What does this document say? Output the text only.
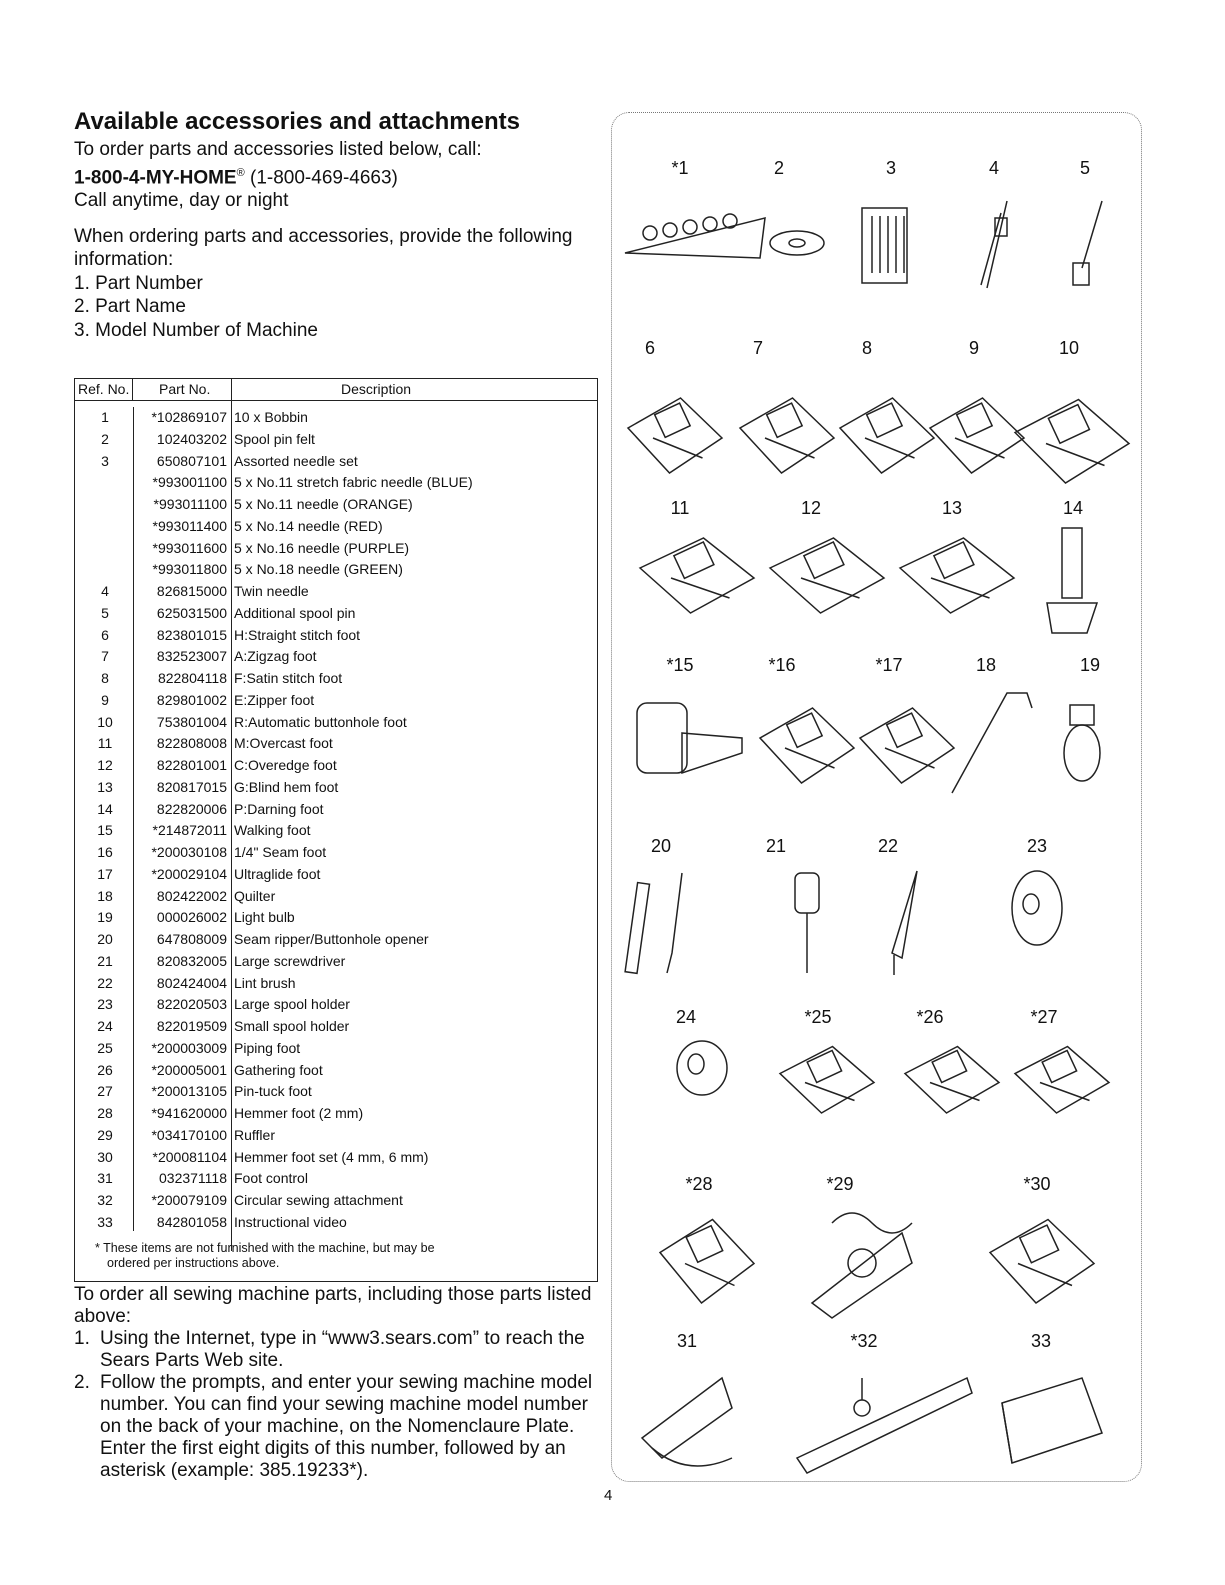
Available accessories and attachments

To order parts and accessories listed below, call:

1-800-4-MY-HOME® (1-800-469-4663)

Call anytime, day or night

When ordering parts and accessories, provide the following information:

1. Part Number
2. Part Name
3. Model Number of Machine
Ref. No. Part No.	Description
1	*102869107 10 x Bobbin
2	102403202 Spool pin felt
3	650807101 Assorted needle set
*993001100 5 x No.11 stretch fabric needle (BLUE)
*993011100 5 x No.11 needle (ORANGE)
*993011400 5 x No.14 needle (RED)
*993011600 5 x No.16 needle (PURPLE)
*993011800 5 x No.18 needle (GREEN)
4	826815000 Twin needle
5	625031500 Additional spool pin
6	823801015 H:Straight stitch foot
7	832523007 A:Zigzag foot
8	822804118 F:Satin stitch foot
9	829801002 E:Zipper foot
10	753801004 R:Automatic buttonhole foot
11	822808008 M:Overcast foot
12	822801001 C:Overedge foot
13	820817015 G:Blind hem foot
14	822820006 P:Darning foot
15	*214872011 Walking foot
16	*200030108 1/4" Seam foot
17	*200029104 Ultraglide foot
18	802422002 Quilter
19	000026002 Light bulb
20	647808009 Seam ripper/Buttonhole opener
21	820832005 Large screwdriver
22	802424004 Lint brush
23	822020503 Large spool holder
24	822019509 Small spool holder
25	*200003009 Piping foot
26	*200005001 Gathering foot
27	*200013105 Pin-tuck foot
28	*941620000 Hemmer foot (2 mm)
29	*034170100 Ruffler
30	*200081104 Hemmer foot set (4 mm, 6 mm)
31	032371118 Foot control
32	*200079109 Circular sewing attachment
33	842801058 Instructional video
* These items are not furnished with the machine, but may be
ordered per instructions above.

To order all sewing machine parts, including those parts listed above:

1. Using the Internet, type in “www3.sears.com” to reach the Sears Parts Web site.
2. Follow the prompts, and enter your sewing machine model number. You can find your sewing machine model number on the back of your machine, on the Nomenclaure Plate. Enter the first eight digits of this number, followed by an asterisk (example: 385.19233*).
4
*1	2	3	4	5
6	7	8	9	10
11	12	13	14
*15	*16	*17	18	19
20	21	22	23
24	*25	*26	*27
*28	*29	*30
31	*32	33
